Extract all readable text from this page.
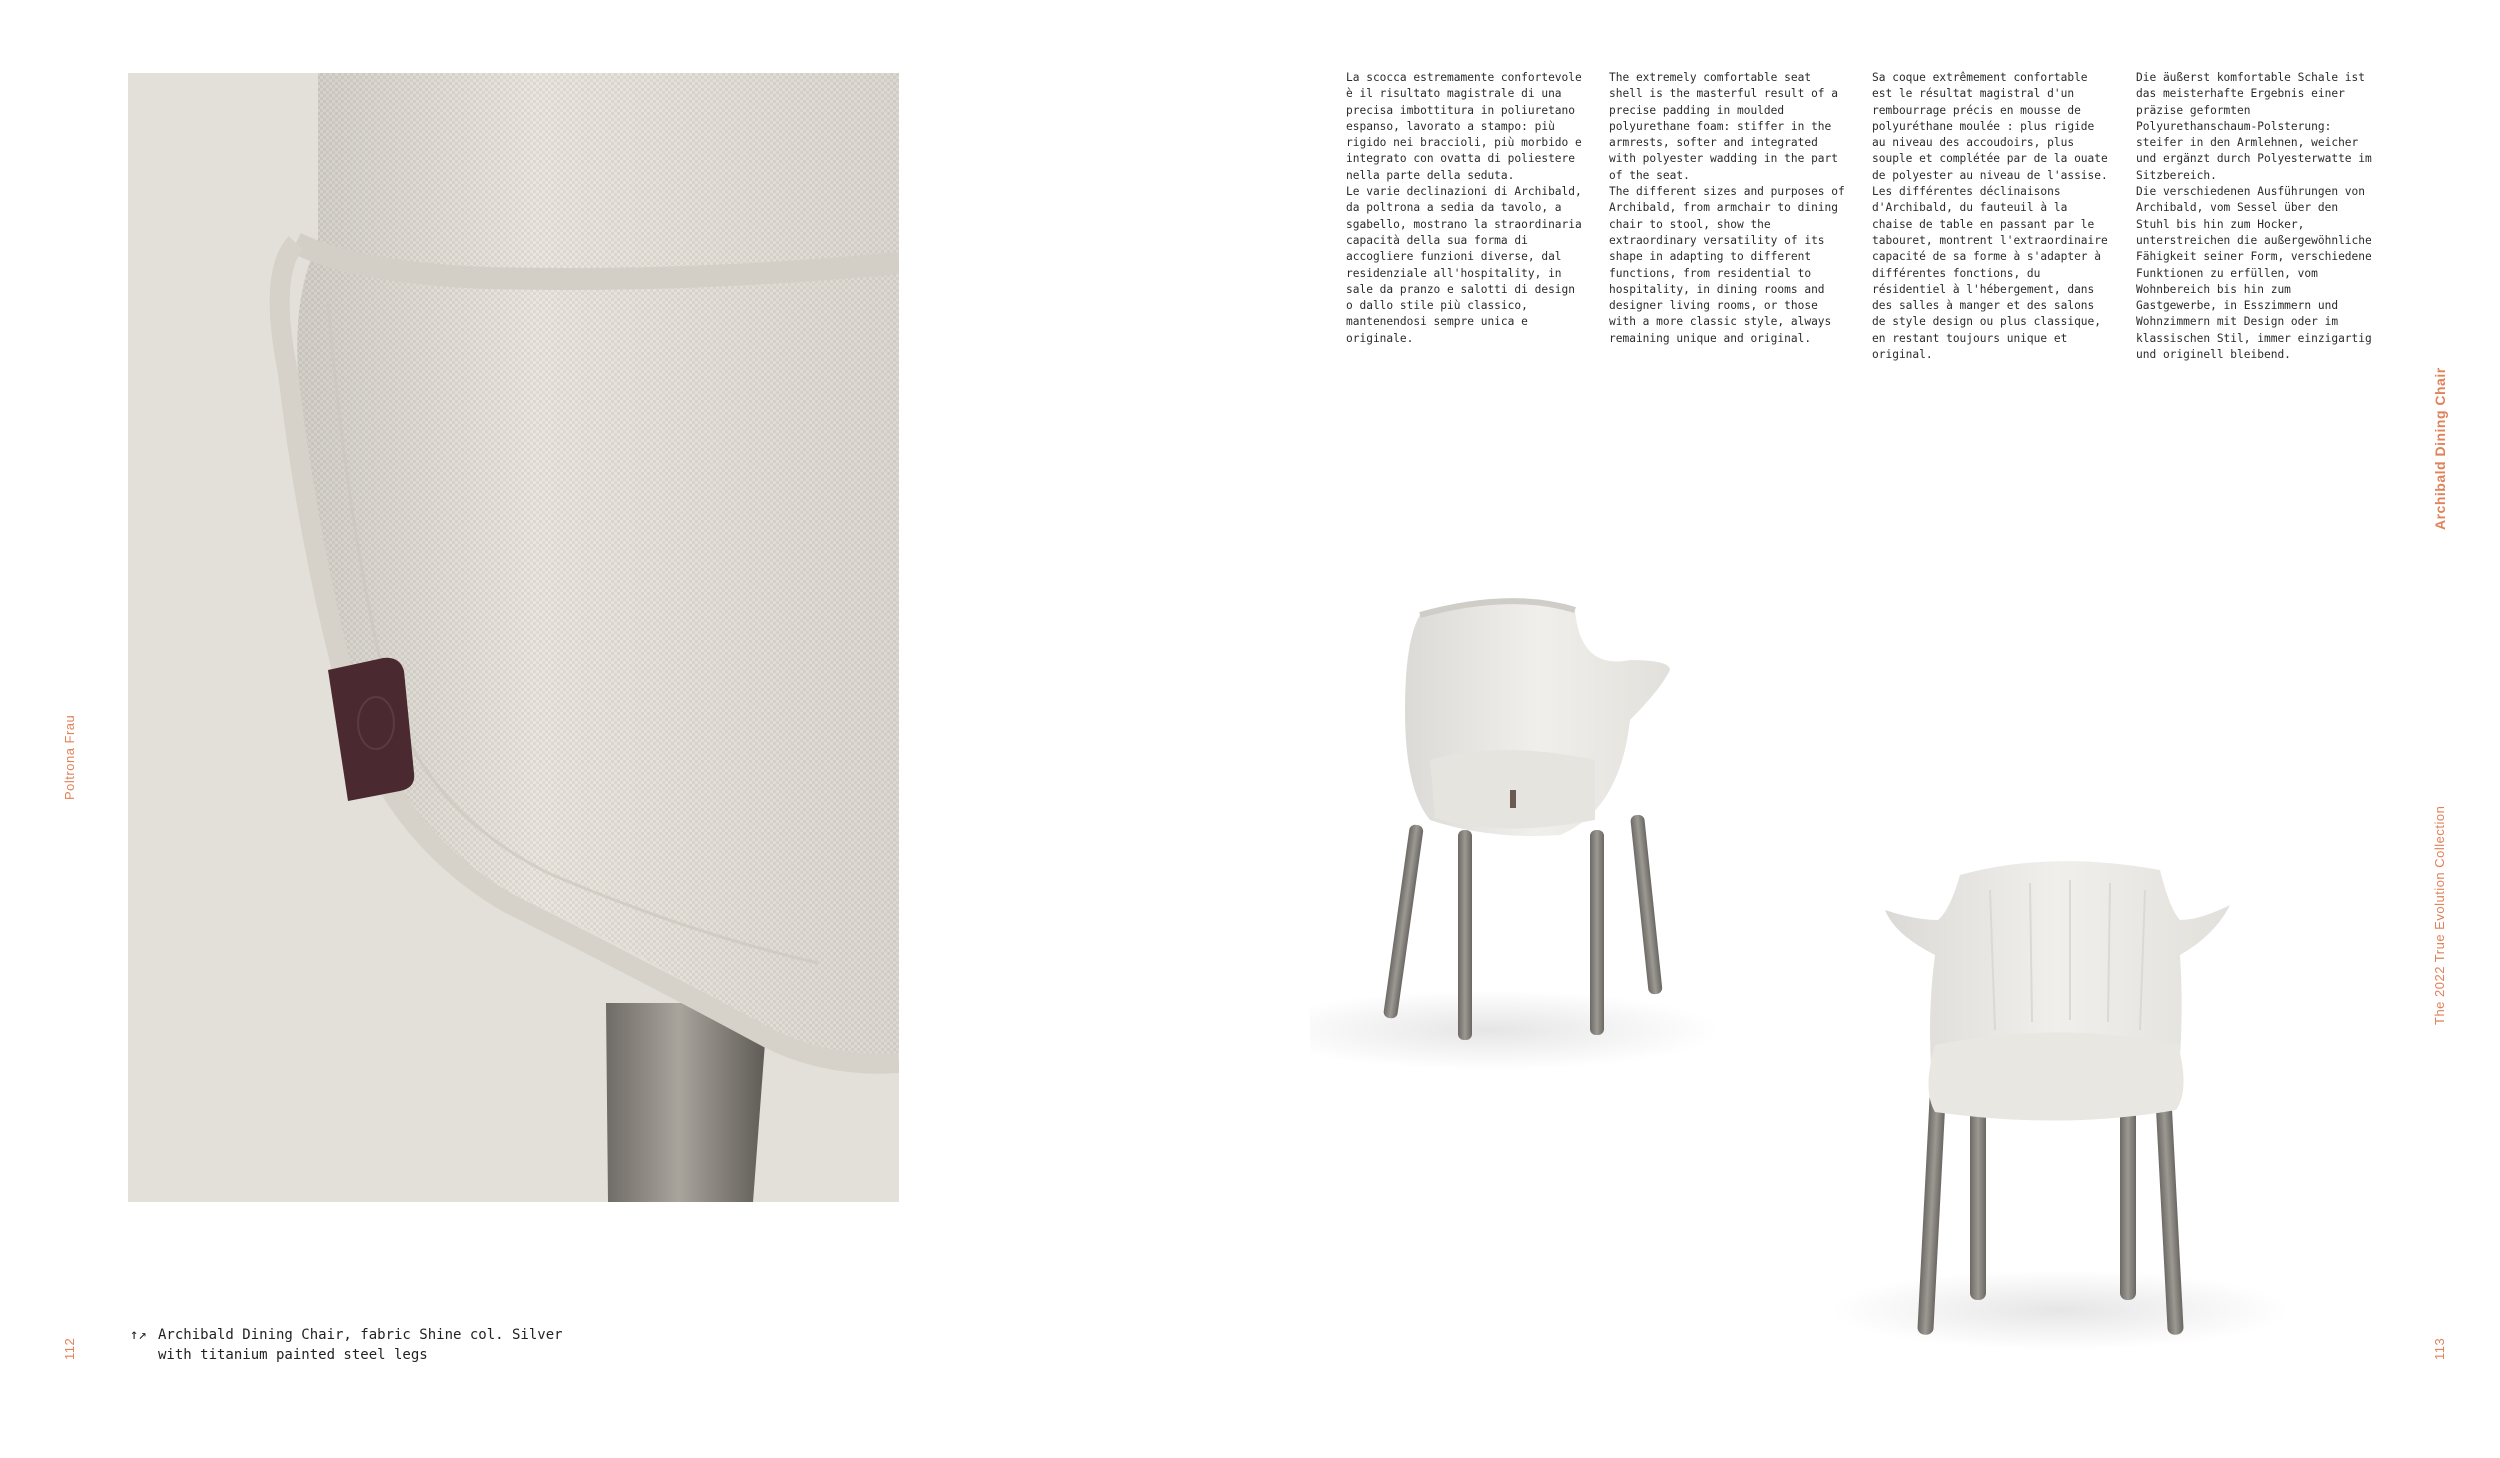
Poltrona Frau
112
↑↗ Archibald Dining Chair, fabric Shine col. Silver with titanium painted steel legs

La scocca estremamente confortevole è il risultato magistrale di una precisa imbottitura in poliuretano espanso, lavorato a stampo: più rigido nei braccioli, più morbido e integrato con ovatta di poliestere nella parte della seduta.

Le varie declinazioni di Archibald, da poltrona a sedia da tavolo, a sgabello, mostrano la straordinaria capacità della sua forma di accogliere funzioni diverse, dal residenziale all'hospitality, in sale da pranzo e salotti di design o dallo stile più classico, mantenendosi sempre unica e originale.

The extremely comfortable seat shell is the masterful result of a precise padding in moulded polyurethane foam: stiffer in the armrests, softer and integrated with polyester wadding in the part of the seat.

The different sizes and purposes of Archibald, from armchair to dining chair to stool, show the extraordinary versatility of its shape in adapting to different functions, from residential to hospitality, in dining rooms and designer living rooms, or those with a more classic style, always remaining unique and original.

Sa coque extrêmement confortable est le résultat magistral d'un rembourrage précis en mousse de polyuréthane moulée : plus rigide au niveau des accoudoirs, plus souple et complétée par de la ouate de polyester au niveau de l'assise.

Les différentes déclinaisons d'Archibald, du fauteuil à la chaise de table en passant par le tabouret, montrent l'extraordinaire capacité de sa forme à s'adapter à différentes fonctions, du résidentiel à l'hébergement, dans des salles à manger et des salons de style design ou plus classique, en restant toujours unique et original.

Die äußerst komfortable Schale ist das meisterhafte Ergebnis einer präzise geformten Polyurethanschaum-Polsterung: steifer in den Armlehnen, weicher und ergänzt durch Polyesterwatte im Sitzbereich.

Die verschiedenen Ausführungen von Archibald, vom Sessel über den Stuhl bis hin zum Hocker, unterstreichen die außergewöhnliche Fähigkeit seiner Form, verschiedene Funktionen zu erfüllen, vom Wohnbereich bis hin zum Gastgewerbe, in Esszimmern und Wohnzimmern mit Design oder im klassischen Stil, immer einzigartig und originell bleibend.

Archibald Dining Chair
The 2022 True Evolution Collection
113
